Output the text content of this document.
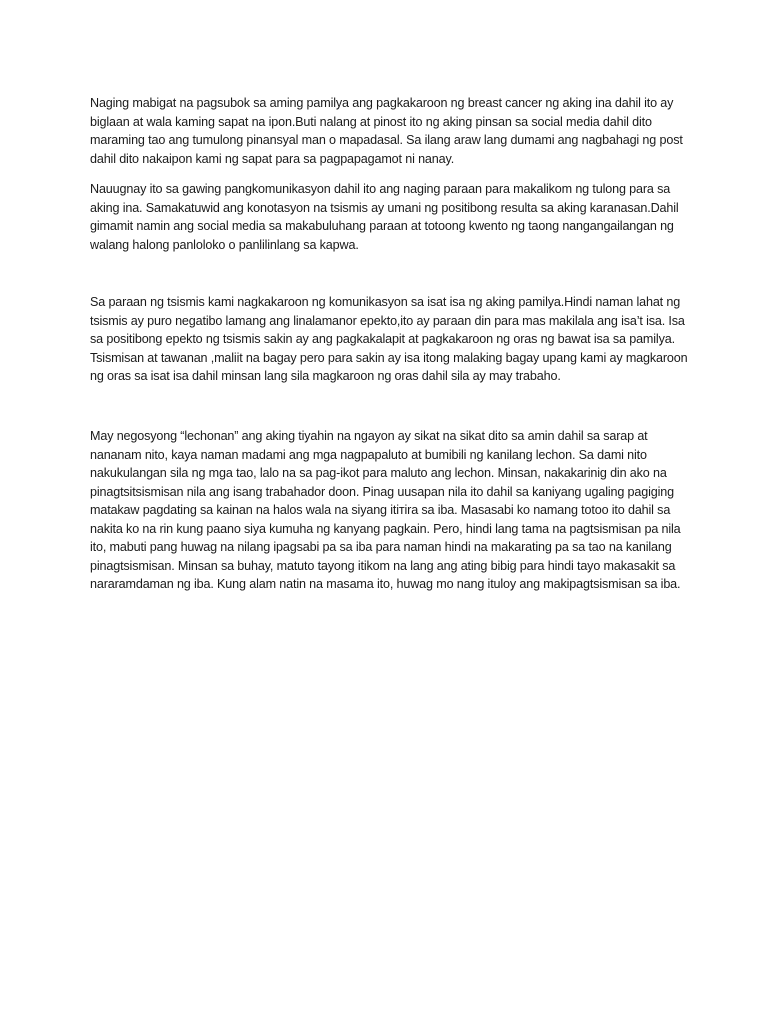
Naging mabigat na pagsubok sa aming pamilya ang pagkakaroon ng breast cancer ng aking ina dahil ito ay biglaan at wala kaming sapat na ipon.Buti nalang at pinost ito ng aking pinsan sa social media dahil dito maraming tao ang tumulong pinansyal man o mapadasal. Sa ilang araw lang dumami ang nagbahagi ng post dahil dito nakaipon kami ng sapat para sa pagpapagamot ni nanay.

Nauugnay ito sa gawing pangkomunikasyon dahil ito ang naging paraan para makalikom ng tulong para sa aking ina. Samakatuwid ang konotasyon na tsismis ay umani ng positibong resulta sa aking karanasan.Dahil gimamit namin ang social media sa makabuluhang paraan at totoong kwento ng taong nangangailangan ng walang halong panloloko o panlilinlang sa kapwa.

Sa paraan ng tsismis kami nagkakaroon ng komunikasyon sa isat isa ng aking pamilya.Hindi naman lahat ng tsismis ay puro negatibo lamang ang linalamanor epekto,ito ay paraan din para mas makilala ang isa’t isa. Isa sa positibong epekto ng tsismis sakin ay ang pagkakalapit at pagkakaroon ng oras ng bawat isa sa pamilya. Tsismisan at tawanan ,maliit na bagay pero para sakin ay isa itong malaking bagay upang kami ay magkaroon ng oras sa isat isa dahil minsan lang sila magkaroon ng oras dahil sila ay may trabaho.

May negosyong “lechonan” ang aking tiyahin na ngayon ay sikat na sikat dito sa amin dahil sa sarap at nananam nito, kaya naman madami ang mga nagpapaluto at bumibili ng kanilang lechon. Sa dami nito nakukulangan sila ng mga tao, lalo na sa pag-ikot para maluto ang lechon. Minsan, nakakarinig din ako na pinagtsitsismisan nila ang isang trabahador doon. Pinag uusapan nila ito dahil sa kaniyang ugaling pagiging matakaw pagdating sa kainan na halos wala na siyang itітira sa iba. Masasabi ko namang totoo ito dahil sa nakita ko na rin kung paano siya kumuha ng kanyang pagkain. Pero, hindi lang tama na pagtsismisan pa nila ito, mabuti pang huwag na nilang ipagsabi pa sa iba para naman hindi na makarating pa sa tao na kanilang pinagtsismisan. Minsan sa buhay, matuto tayong itikom na lang ang ating bibig para hindi tayo makasakit sa nararamdaman ng iba. Kung alam natin na masama ito, huwag mo nang ituloy ang makipagtsismisan sa iba.
